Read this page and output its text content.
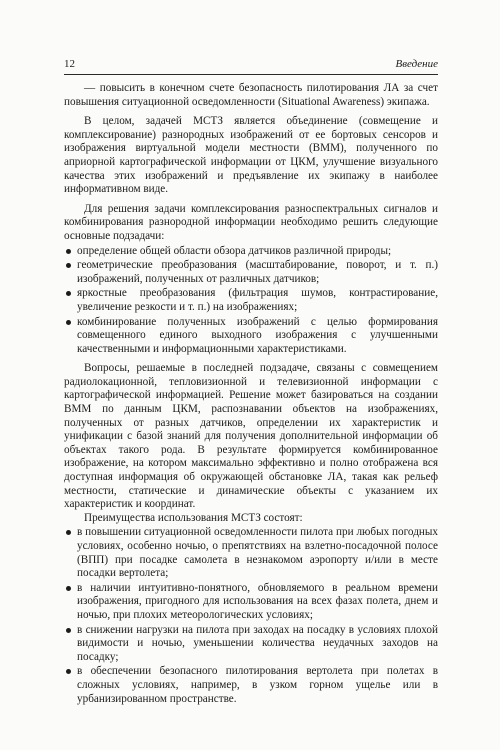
12	Введение

— повысить в конечном счете безопасность пилотирования ЛА за счет повышения ситуационной осведомленности (Situational Awareness) экипажа.

В целом, задачей МСТЗ является объединение (совмещение и комплексирование) разнородных изображений от ее бортовых сенсоров и изображения виртуальной модели местности (ВММ), полученного по априорной картографической информации от ЦКМ, улучшение визуального качества этих изображений и предъявление их экипажу в наиболее информативном виде.

Для решения задачи комплексирования разноспектральных сигналов и комбинирования разнородной информации необходимо решить следующие основные подзадачи:

определение общей области обзора датчиков различной природы;
геометрические преобразования (масштабирование, поворот, и т. п.) изображений, полученных от различных датчиков;
яркостные преобразования (фильтрация шумов, контрастирование, увеличение резкости и т. п.) на изображениях;
комбинирование полученных изображений с целью формирования совмещенного единого выходного изображения с улучшенными качественными и информационными характеристиками.

Вопросы, решаемые в последней подзадаче, связаны с совмещением радиолокационной, тепловизионной и телевизионной информации с картографической информацией. Решение может базироваться на создании ВММ по данным ЦКМ, распознавании объектов на изображениях, полученных от разных датчиков, определении их характеристик и унификации с базой знаний для получения дополнительной информации об объектах такого рода. В результате формируется комбинированное изображение, на котором максимально эффективно и полно отображена вся доступная информация об окружающей обстановке ЛА, такая как рельеф местности, статические и динамические объекты с указанием их характеристик и координат.

Преимущества использования МСТЗ состоят:

в повышении ситуационной осведомленности пилота при любых погодных условиях, особенно ночью, о препятствиях на взлетно-посадочной полосе (ВПП) при посадке самолета в незнакомом аэропорту и/или в месте посадки вертолета;
в наличии интуитивно-понятного, обновляемого в реальном времени изображения, пригодного для использования на всех фазах полета, днем и ночью, при плохих метеорологических условиях;
в снижении нагрузки на пилота при заходах на посадку в условиях плохой видимости и ночью, уменьшении количества неудачных заходов на посадку;
в обеспечении безопасного пилотирования вертолета при полетах в сложных условиях, например, в узком горном ущелье или в урбанизированном пространстве.
